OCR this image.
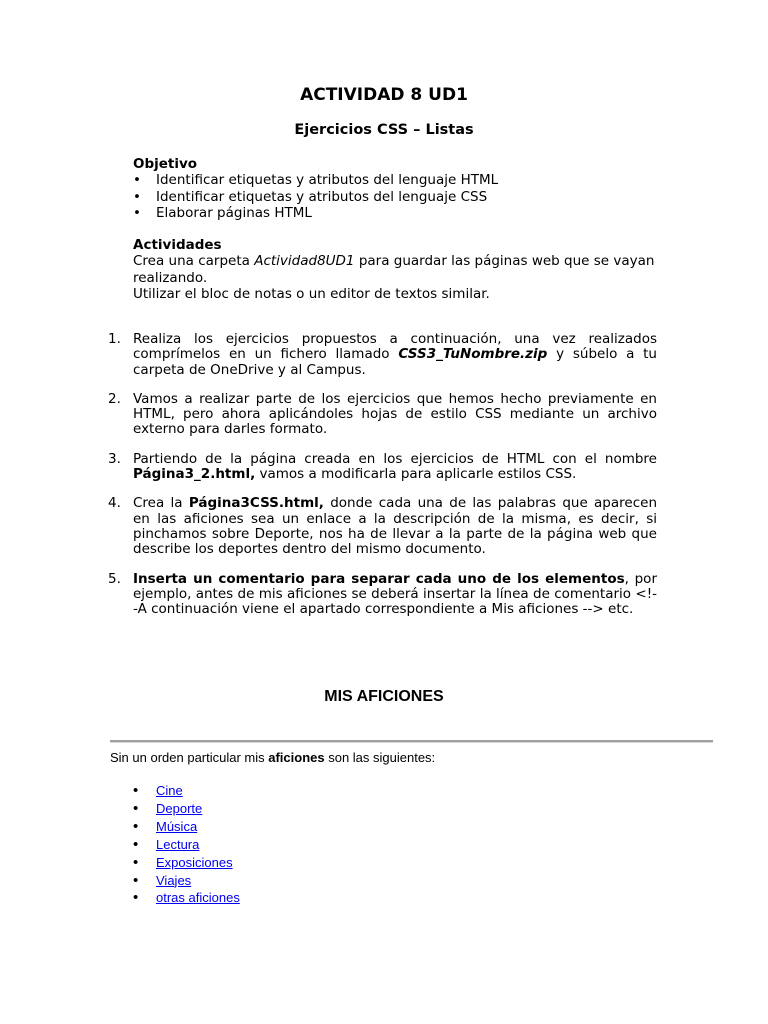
ACTIVIDAD 8 UD1
Ejercicios CSS – Listas
Objetivo
• Identificar etiquetas y atributos del lenguaje HTML
• Identificar etiquetas y atributos del lenguaje CSS
• Elaborar páginas HTML
Actividades
Crea una carpeta Actividad8UD1 para guardar las páginas web que se vayan realizando.
Utilizar el bloc de notas o un editor de textos similar.
1. Realiza los ejercicios propuestos a continuación, una vez realizados comprímelos en un fichero llamado CSS3_TuNombre.zip y súbelo a tu carpeta de OneDrive y al Campus.
2. Vamos a realizar parte de los ejercicios que hemos hecho previamente en HTML, pero ahora aplicándoles hojas de estilo CSS mediante un archivo externo para darles formato.
3. Partiendo de la página creada en los ejercicios de HTML con el nombre Página3_2.html, vamos a modificarla para aplicarle estilos CSS.
4. Crea la Página3CSS.html, donde cada una de las palabras que aparecen en las aficiones sea un enlace a la descripción de la misma, es decir, si pinchamos sobre Deporte, nos ha de llevar a la parte de la página web que describe los deportes dentro del mismo documento.
5. Inserta un comentario para separar cada uno de los elementos, por ejemplo, antes de mis aficiones se deberá insertar la línea de comentario <!--A continuación viene el apartado correspondiente a Mis aficiones --> etc.
MIS AFICIONES
Sin un orden particular mis aficiones son las siguientes:
• Cine
• Deporte
• Música
• Lectura
• Exposiciones
• Viajes
• otras aficiones
